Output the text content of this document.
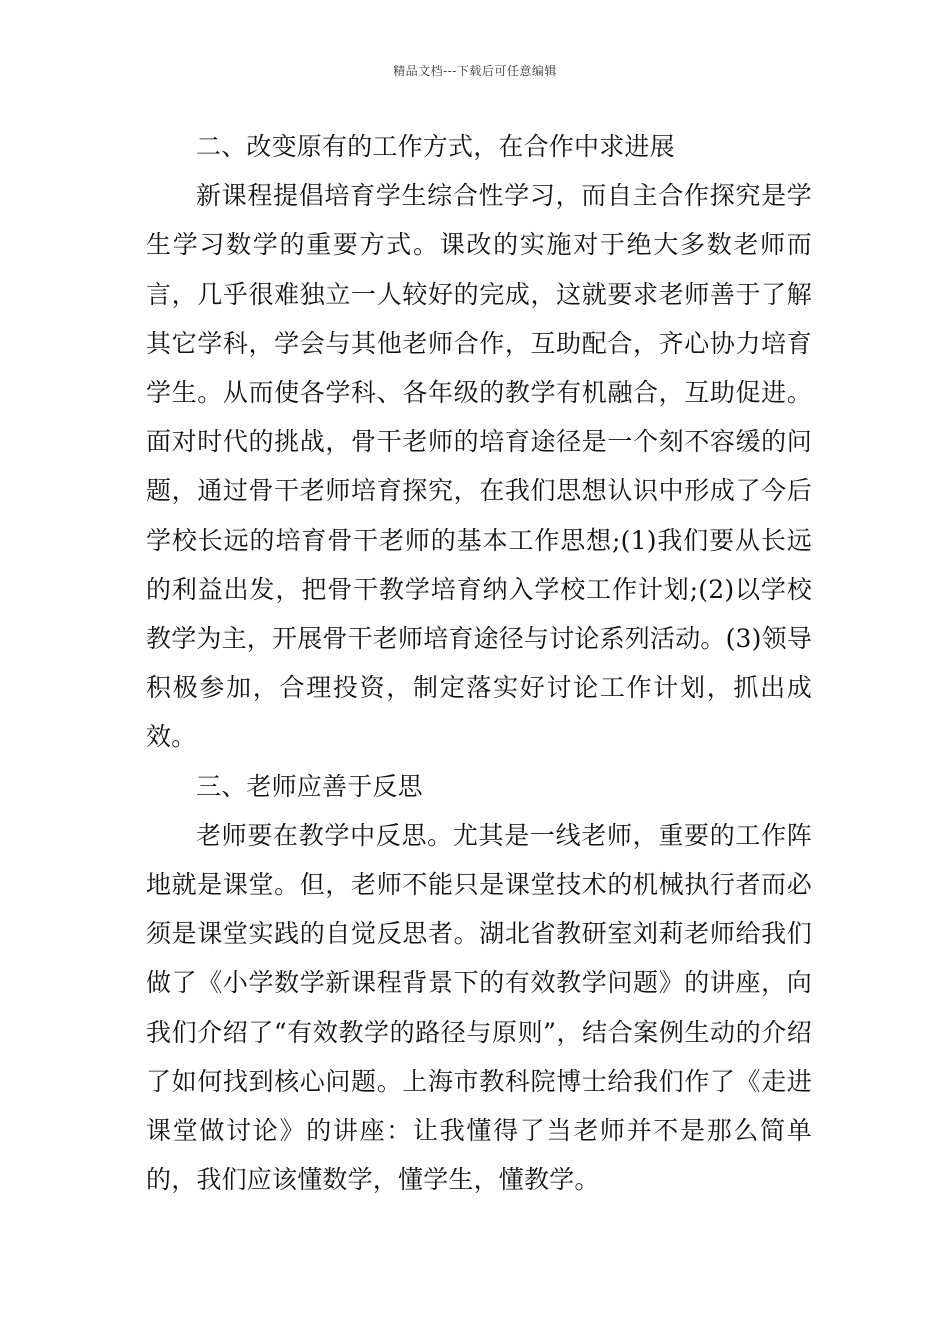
精品文档---下载后可任意编辑

二、改变原有的工作方式，在合作中求进展

新课程提倡培育学生综合性学习，而自主合作探究是学生学习数学的重要方式。课改的实施对于绝大多数老师而言，几乎很难独立一人较好的完成，这就要求老师善于了解其它学科，学会与其他老师合作，互助配合，齐心协力培育学生。从而使各学科、各年级的教学有机融合，互助促进。面对时代的挑战，骨干老师的培育途径是一个刻不容缓的问题，通过骨干老师培育探究，在我们思想认识中形成了今后学校长远的培育骨干老师的基本工作思想;(1)我们要从长远的利益出发，把骨干教学培育纳入学校工作计划;(2)以学校教学为主，开展骨干老师培育途径与讨论系列活动。(3)领导积极参加，合理投资，制定落实好讨论工作计划，抓出成效。

三、老师应善于反思

老师要在教学中反思。尤其是一线老师，重要的工作阵地就是课堂。但，老师不能只是课堂技术的机械执行者而必须是课堂实践的自觉反思者。湖北省教研室刘莉老师给我们做了《小学数学新课程背景下的有效教学问题》的讲座，向我们介绍了“有效教学的路径与原则”，结合案例生动的介绍了如何找到核心问题。上海市教科院博士给我们作了《走进课堂做讨论》的讲座：让我懂得了当老师并不是那么简单的，我们应该懂数学，懂学生，懂教学。
